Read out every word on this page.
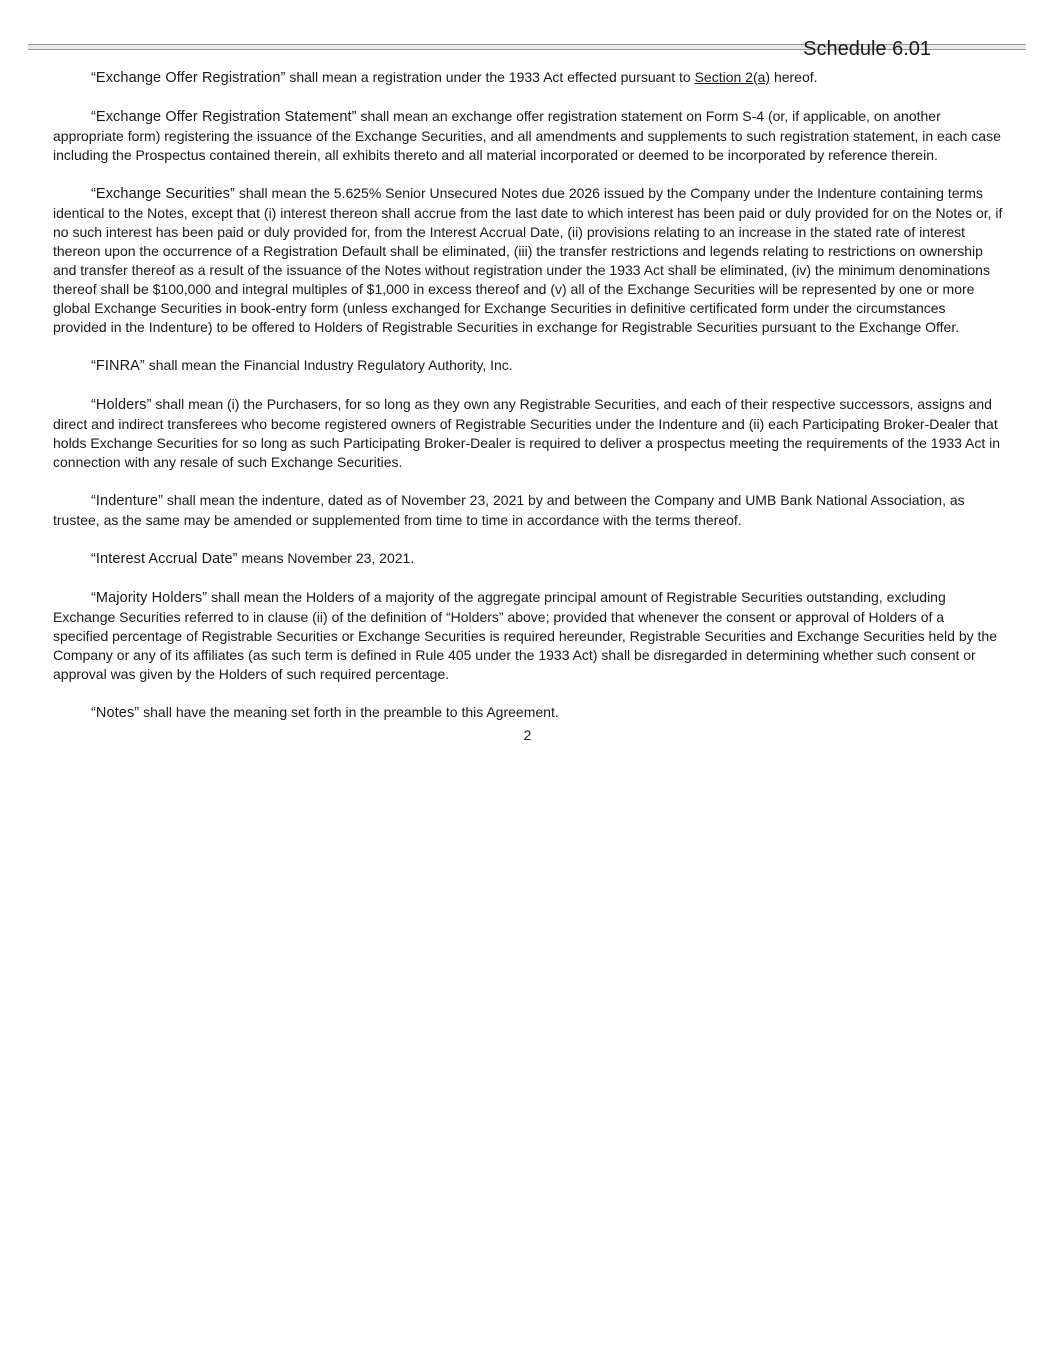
Schedule 6.01

“Exchange Offer Registration” shall mean a registration under the 1933 Act effected pursuant to Section 2(a) hereof.

“Exchange Offer Registration Statement” shall mean an exchange offer registration statement on Form S-4 (or, if applicable, on another appropriate form) registering the issuance of the Exchange Securities, and all amendments and supplements to such registration statement, in each case including the Prospectus contained therein, all exhibits thereto and all material incorporated or deemed to be incorporated by reference therein.

“Exchange Securities” shall mean the 5.625% Senior Unsecured Notes due 2026 issued by the Company under the Indenture containing terms identical to the Notes, except that (i) interest thereon shall accrue from the last date to which interest has been paid or duly provided for on the Notes or, if no such interest has been paid or duly provided for, from the Interest Accrual Date, (ii) provisions relating to an increase in the stated rate of interest thereon upon the occurrence of a Registration Default shall be eliminated, (iii) the transfer restrictions and legends relating to restrictions on ownership and transfer thereof as a result of the issuance of the Notes without registration under the 1933 Act shall be eliminated, (iv) the minimum denominations thereof shall be $100,000 and integral multiples of $1,000 in excess thereof and (v) all of the Exchange Securities will be represented by one or more global Exchange Securities in book-entry form (unless exchanged for Exchange Securities in definitive certificated form under the circumstances provided in the Indenture) to be offered to Holders of Registrable Securities in exchange for Registrable Securities pursuant to the Exchange Offer.

“FINRA” shall mean the Financial Industry Regulatory Authority, Inc.

“Holders” shall mean (i) the Purchasers, for so long as they own any Registrable Securities, and each of their respective successors, assigns and direct and indirect transferees who become registered owners of Registrable Securities under the Indenture and (ii) each Participating Broker-Dealer that holds Exchange Securities for so long as such Participating Broker-Dealer is required to deliver a prospectus meeting the requirements of the 1933 Act in connection with any resale of such Exchange Securities.

“Indenture” shall mean the indenture, dated as of November 23, 2021 by and between the Company and UMB Bank National Association, as trustee, as the same may be amended or supplemented from time to time in accordance with the terms thereof.

“Interest Accrual Date” means November 23, 2021.

“Majority Holders” shall mean the Holders of a majority of the aggregate principal amount of Registrable Securities outstanding, excluding Exchange Securities referred to in clause (ii) of the definition of “Holders” above; provided that whenever the consent or approval of Holders of a specified percentage of Registrable Securities or Exchange Securities is required hereunder, Registrable Securities and Exchange Securities held by the Company or any of its affiliates (as such term is defined in Rule 405 under the 1933 Act) shall be disregarded in determining whether such consent or approval was given by the Holders of such required percentage.

“Notes” shall have the meaning set forth in the preamble to this Agreement.

2
